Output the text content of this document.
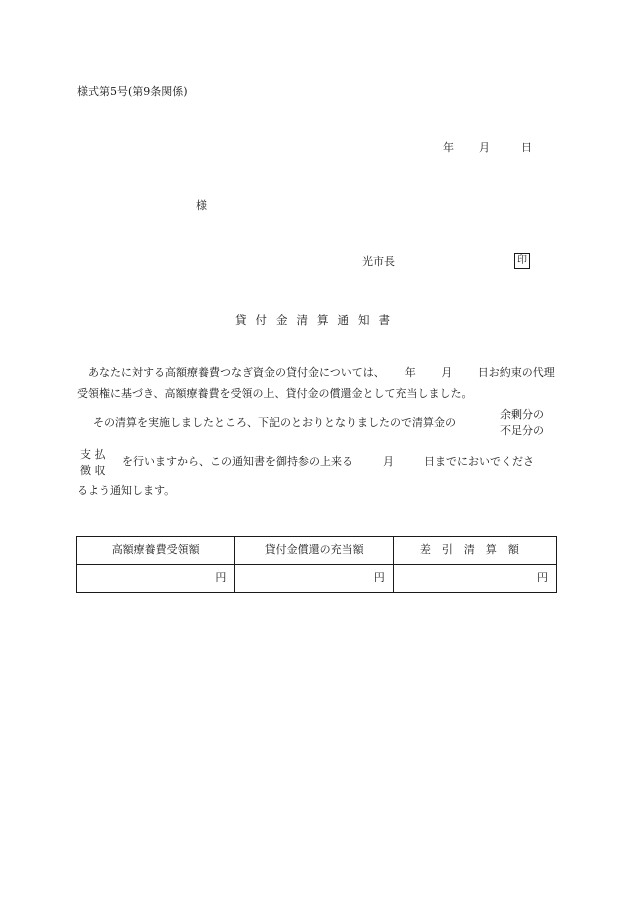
様式第5号(第9条関係)
年 月	日
様
光市長	印
貸付金清算通知書
あなたに対する高額療養費つなぎ資金の貸付金については、　　 年　　 月　　 日お約束の代理受領権に基づき、高額療養費を受領の上、貸付金の償還金として充当しました。
その清算を実施しましたところ、下記のとおりとなりましたので清算金の
余剰分の
不足分の
支 払
徴 収
を行いますから、この通知書を御持参の上来る	月	日までにおいでくださ
るよう通知します。
高額療養費受領額	貸付金償還の充当額	差引清算額
円	円	円
